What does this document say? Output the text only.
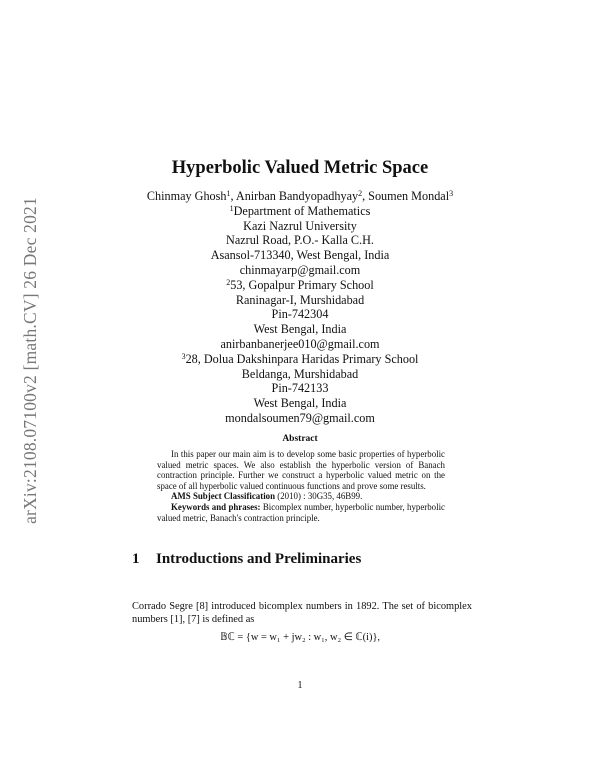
arXiv:2108.07100v2 [math.CV] 26 Dec 2021
Hyperbolic Valued Metric Space
Chinmay Ghosh$^1$, Anirban Bandyopadhyay$^2$, Soumen Mondal$^3$
$^1$Department of Mathematics
Kazi Nazrul University
Nazrul Road, P.O.- Kalla C.H.
Asansol-713340, West Bengal, India
chinmayarp@gmail.com
$^2$53, Gopalpur Primary School
Raninagar-I, Murshidabad
Pin-742304
West Bengal, India
anirbanbanerjee010@gmail.com
$^3$28, Dolua Dakshinpara Haridas Primary School
Beldanga, Murshidabad
Pin-742133
West Bengal, India
mondalsoumen79@gmail.com
Abstract

In this paper our main aim is to develop some basic properties of hyperbolic valued metric spaces. We also establish the hyperbolic version of Banach contraction principle. Further we construct a hyperbolic valued metric on the space of all hyperbolic valued continuous functions and prove some results.

AMS Subject Classification (2010) : 30G35, 46B99.
Keywords and phrases: Bicomplex number, hyperbolic number, hyperbolic valued metric, Banach's contraction principle.
1 Introductions and Preliminaries

Corrado Segre [8] introduced bicomplex numbers in 1892. The set of bicomplex numbers [1], [7] is defined as

𝔹ℂ = {w = w₁ + jw₂ : w₁, w₂ ∈ ℂ(i)},
1
